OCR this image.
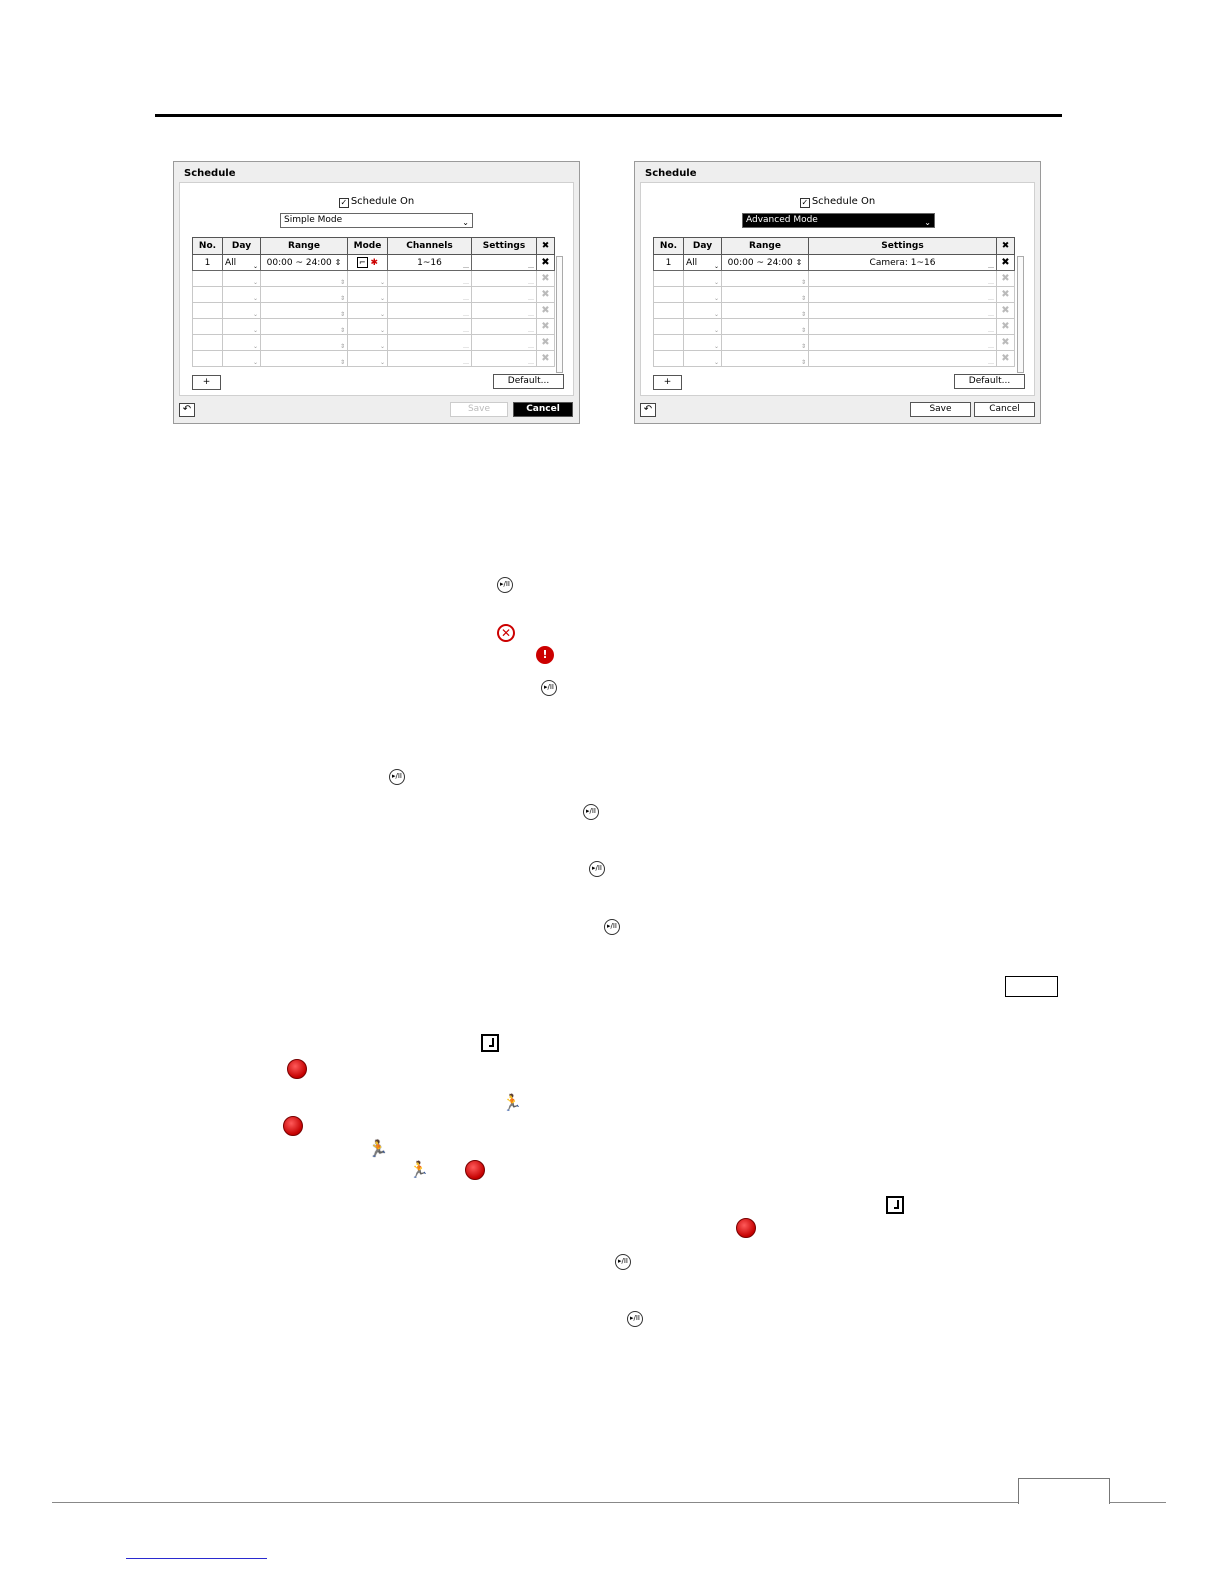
Schedule
✓ Schedule On
Simple Mode	⌄
No.	Day	Range	Mode	Channels	Settings	✖
1	All ⌄	00:00 ~ 24:00 ⇕	⌐ ✱	1~16 …	…	✖

	⌄	⇕	⌄	…	…	✖

	⌄	⇕	⌄	…	…	✖

	⌄	⇕	⌄	…	…	✖

	⌄	⇕	⌄	…	…	✖

	⌄	⇕	⌄	…	…	✖

	⌄	⇕	⌄	…	…	✖
+	Default...
↶	Save	Cancel
Schedule
✓ Schedule On
Advanced Mode	⌄
No.	Day	Range	Settings	✖
1	All ⌄	00:00 ~ 24:00 ⇕	Camera: 1~16 …	✖

	⌄	⇕	…	✖

	⌄	⇕	…	✖

	⌄	⇕	…	✖

	⌄	⇕	…	✖

	⌄	⇕	…	✖

	⌄	⇕	…	✖
+	Default...
↶	Save	Cancel
▸/II
✕
!
▸/II
▸/II
▸/II
▸/II
▸/II
🏃
🏃
🏃
▸/II
▸/II
